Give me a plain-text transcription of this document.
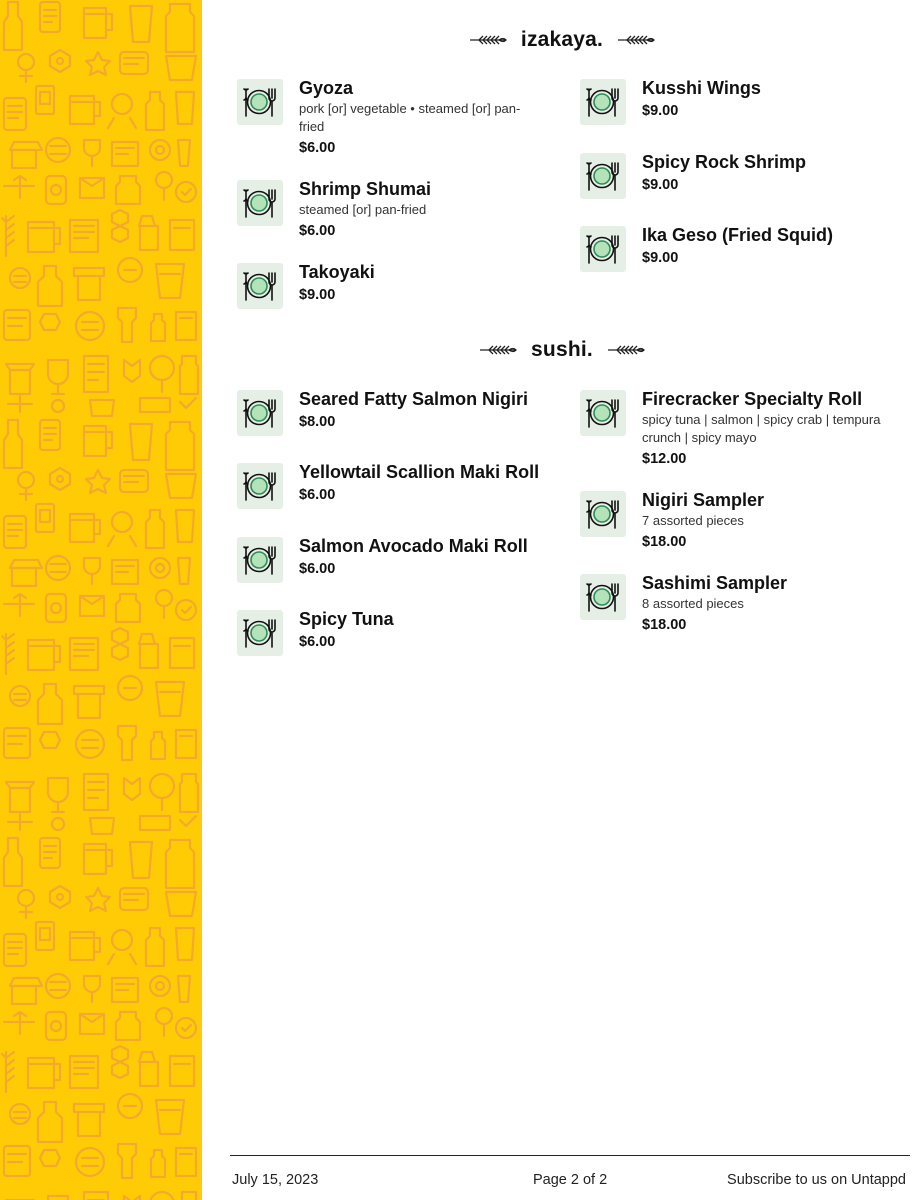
izakaya.
Gyoza
pork [or] vegetable • steamed [or] pan-fried
$6.00
Shrimp Shumai
steamed [or] pan-fried
$6.00
Takoyaki
$9.00
Kusshi Wings
$9.00
Spicy Rock Shrimp
$9.00
Ika Geso (Fried Squid)
$9.00
sushi.
Seared Fatty Salmon Nigiri
$8.00
Yellowtail Scallion Maki Roll
$6.00
Salmon Avocado Maki Roll
$6.00
Spicy Tuna
$6.00
Firecracker Specialty Roll
spicy tuna | salmon | spicy crab | tempura crunch | spicy mayo
$12.00
Nigiri Sampler
7 assorted pieces
$18.00
Sashimi Sampler
8 assorted pieces
$18.00
July 15, 2023	Page 2 of 2	Subscribe to us on Untappd
